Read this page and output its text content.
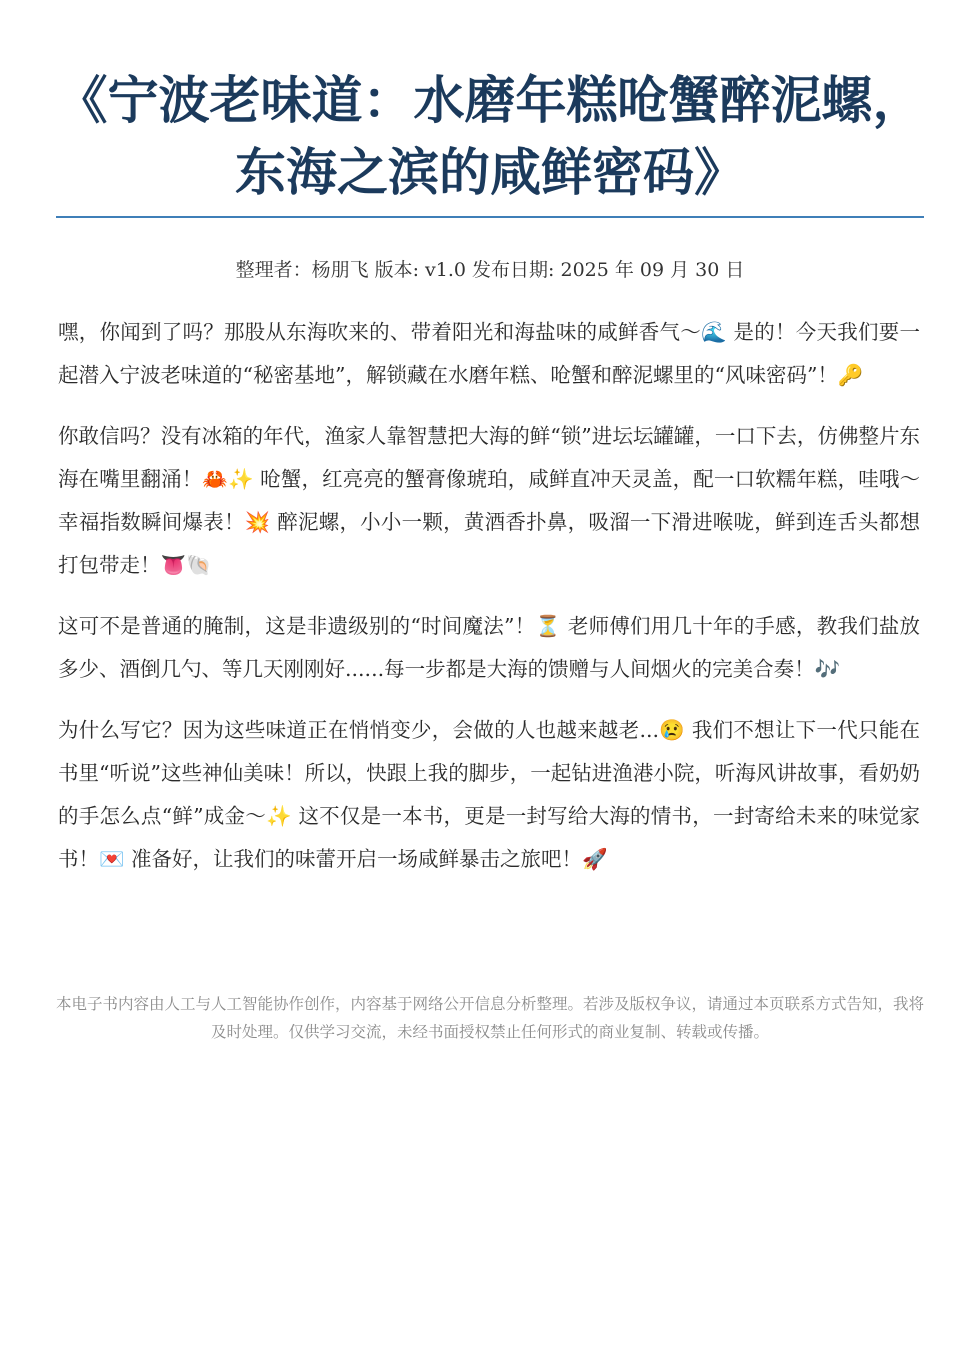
《宁波老味道：水磨年糕呛蟹醉泥螺，东海之滨的咸鲜密码》
整理者：杨朋飞 版本: v1.0 发布日期: 2025 年 09 月 30 日

嘿，你闻到了吗？那股从东海吹来的、带着阳光和海盐味的咸鲜香气～🌊 是的！今天我们要一起潜入宁波老味道的“秘密基地”，解锁藏在水磨年糕、呛蟹和醉泥螺里的“风味密码”！🔑

你敢信吗？没有冰箱的年代，渔家人靠智慧把大海的鲜“锁”进坛坛罐罐，一口下去，仿佛整片东海在嘴里翻涌！🦀✨ 呛蟹，红亮亮的蟹膏像琥珀，咸鲜直冲天灵盖，配一口软糯年糕，哇哦～幸福指数瞬间爆表！💥 醉泥螺，小小一颗，黄酒香扑鼻，吸溜一下滑进喉咙，鲜到连舌头都想打包带走！👅🐚

这可不是普通的腌制，这是非遗级别的“时间魔法”！⏳ 老师傅们用几十年的手感，教我们盐放多少、酒倒几勺、等几天刚刚好......每一步都是大海的馈赠与人间烟火的完美合奏！🎶

为什么写它？因为这些味道正在悄悄变少，会做的人也越来越老...😢 我们不想让下一代只能在书里“听说”这些神仙美味！所以，快跟上我的脚步，一起钻进渔港小院，听海风讲故事，看奶奶的手怎么点“鲜”成金～✨ 这不仅是一本书，更是一封写给大海的情书，一封寄给未来的味觉家书！💌 准备好，让我们的味蕾开启一场咸鲜暴击之旅吧！🚀

本电子书内容由人工与人工智能协作创作，内容基于网络公开信息分析整理。若涉及版权争议，请通过本页联系方式告知，我将及时处理。仅供学习交流，未经书面授权禁止任何形式的商业复制、转载或传播。
